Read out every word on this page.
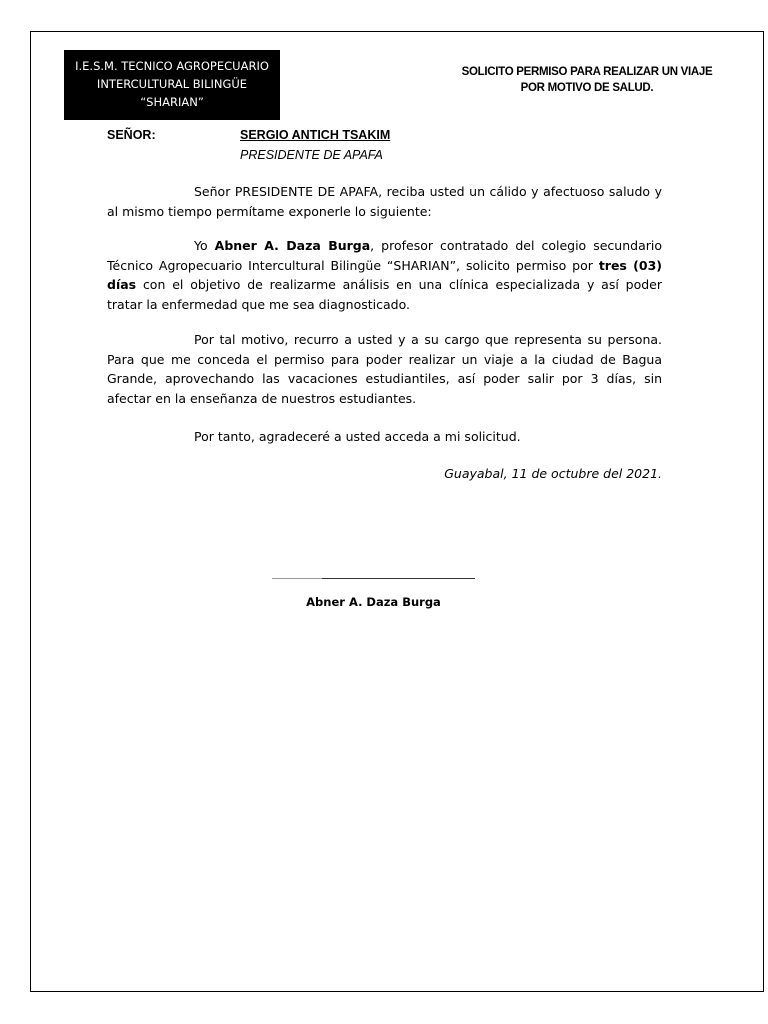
I.E.S.M. TECNICO AGROPECUARIO
INTERCULTURAL BILINGÜE
“SHARIAN”
SOLICITO PERMISO PARA REALIZAR UN VIAJE
POR MOTIVO DE SALUD.
SEÑOR:	SERGIO ANTICH TSAKIM
PRESIDENTE DE APAFA
Señor PRESIDENTE DE APAFA, reciba usted un cálido y afectuoso saludo y al mismo tiempo permítame exponerle lo siguiente:
Yo Abner A. Daza Burga, profesor contratado del colegio secundario Técnico Agropecuario Intercultural Bilingüe “SHARIAN”, solicito permiso por tres (03) días con el objetivo de realizarme análisis en una clínica especializada y así poder tratar la enfermedad que me sea diagnosticado.
Por tal motivo, recurro a usted y a su cargo que representa su persona. Para que me conceda el permiso para poder realizar un viaje a la ciudad de Bagua Grande, aprovechando las vacaciones estudiantiles, así poder salir por 3 días, sin afectar en la enseñanza de nuestros estudiantes.
Por tanto, agradeceré a usted acceda a mi solicitud.
Guayabal, 11 de octubre del 2021.
Abner A. Daza Burga
